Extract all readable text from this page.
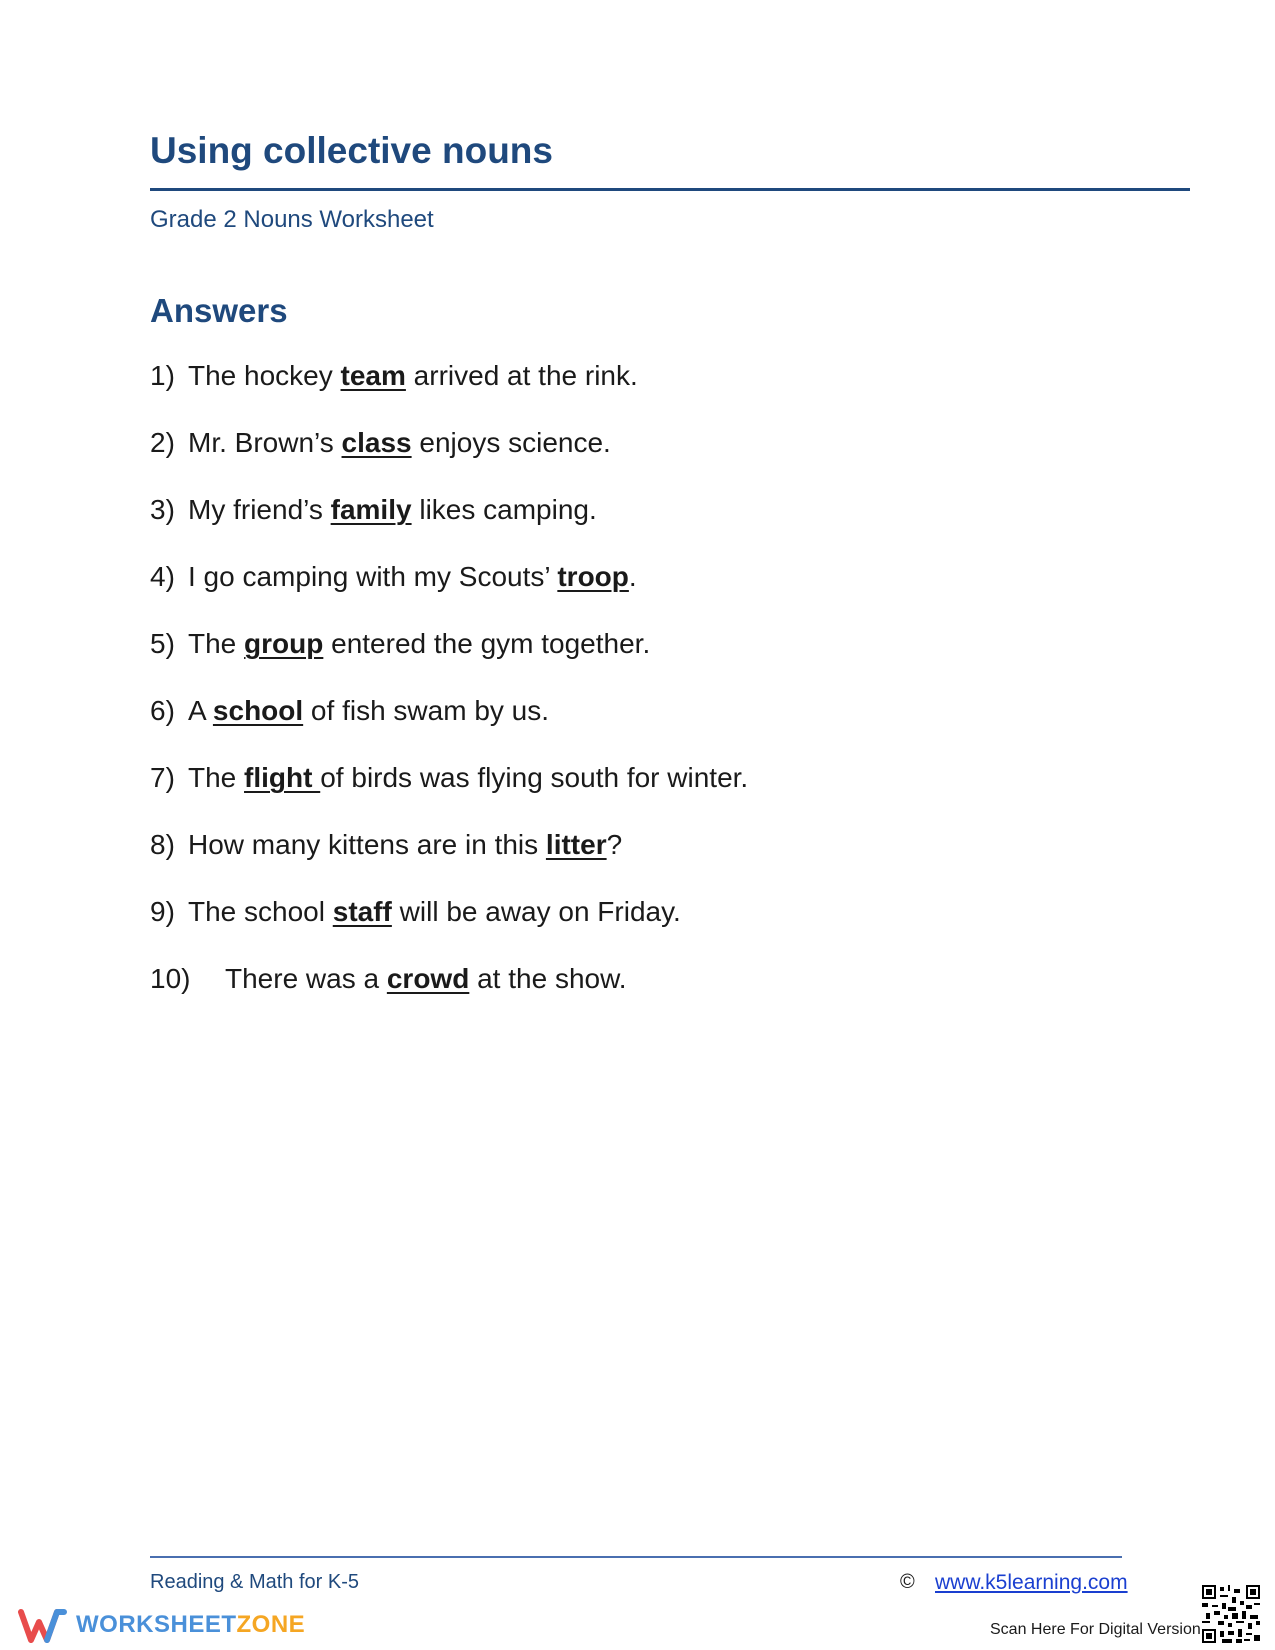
Using collective nouns
Grade 2 Nouns Worksheet
Answers
1) The hockey team arrived at the rink.
2) Mr. Brown’s class enjoys science.
3) My friend’s family likes camping.
4) I go camping with my Scouts’ troop .
5) The group entered the gym together.
6) A school of fish swam by us.
7) The flight of birds was flying south for winter.
8) How many kittens are in this litter ?
9) The school staff will be away on Friday.
10)	There was a crowd at the show.
Reading & Math for K-5	© www.k5learning.com
WORKSHEETZONE	Scan Here For Digital Version
